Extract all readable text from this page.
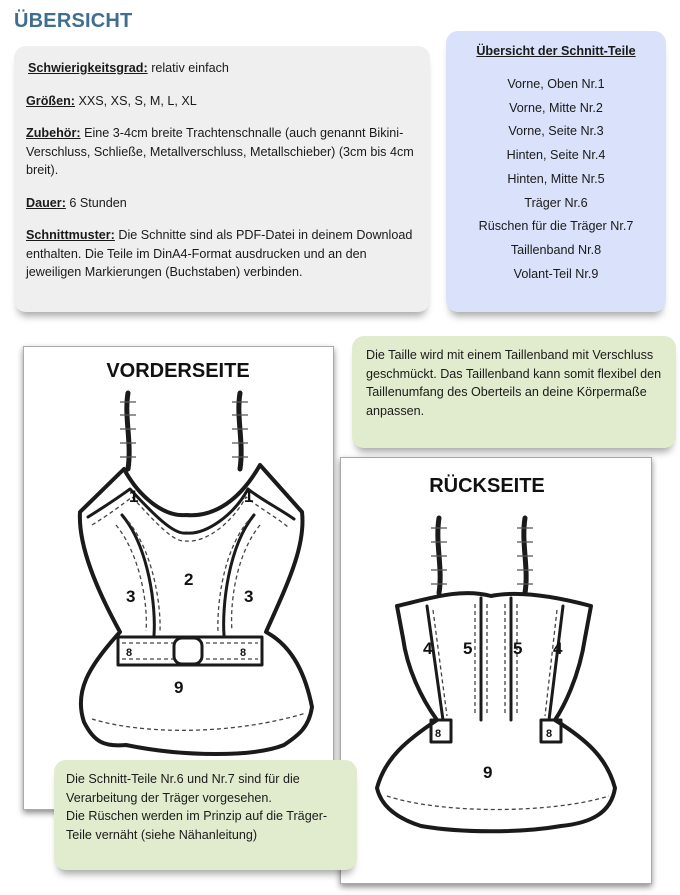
ÜBERSICHT

Schwierigkeitsgrad: relativ einfach

Größen: XXS, XS, S, M, L, XL

Zubehör: Eine 3-4cm breite Trachtenschnalle (auch genannt Bikini-Verschluss, Schließe, Metallverschluss, Metallschieber) (3cm bis 4cm breit).

Dauer: 6 Stunden

Schnittmuster: Die Schnitte sind als PDF-Datei in deinem Download enthalten. Die Teile im DinA4-Format ausdrucken und an den jeweiligen Markierungen (Buchstaben) verbinden.

Übersicht der Schnitt-Teile
Vorne, Oben Nr.1
Vorne, Mitte Nr.2
Vorne, Seite Nr.3
Hinten, Seite Nr.4
Hinten, Mitte Nr.5
Träger Nr.6
Rüschen für die Träger Nr.7
Taillenband Nr.8
Volant-Teil Nr.9
VORDERSEITE
1	1
2
3	3
8	8
9
RÜCKSEITE
4 5 5 4
8	8
9
Die Taille wird mit einem Taillenband mit Verschluss geschmückt. Das Taillenband kann somit flexibel den Taillenumfang des Oberteils an deine Körpermaße anpassen.
Die Schnitt-Teile Nr.6 und Nr.7 sind für die Verarbeitung der Träger vorgesehen.
Die Rüschen werden im Prinzip auf die Träger-Teile vernäht (siehe Nähanleitung)
